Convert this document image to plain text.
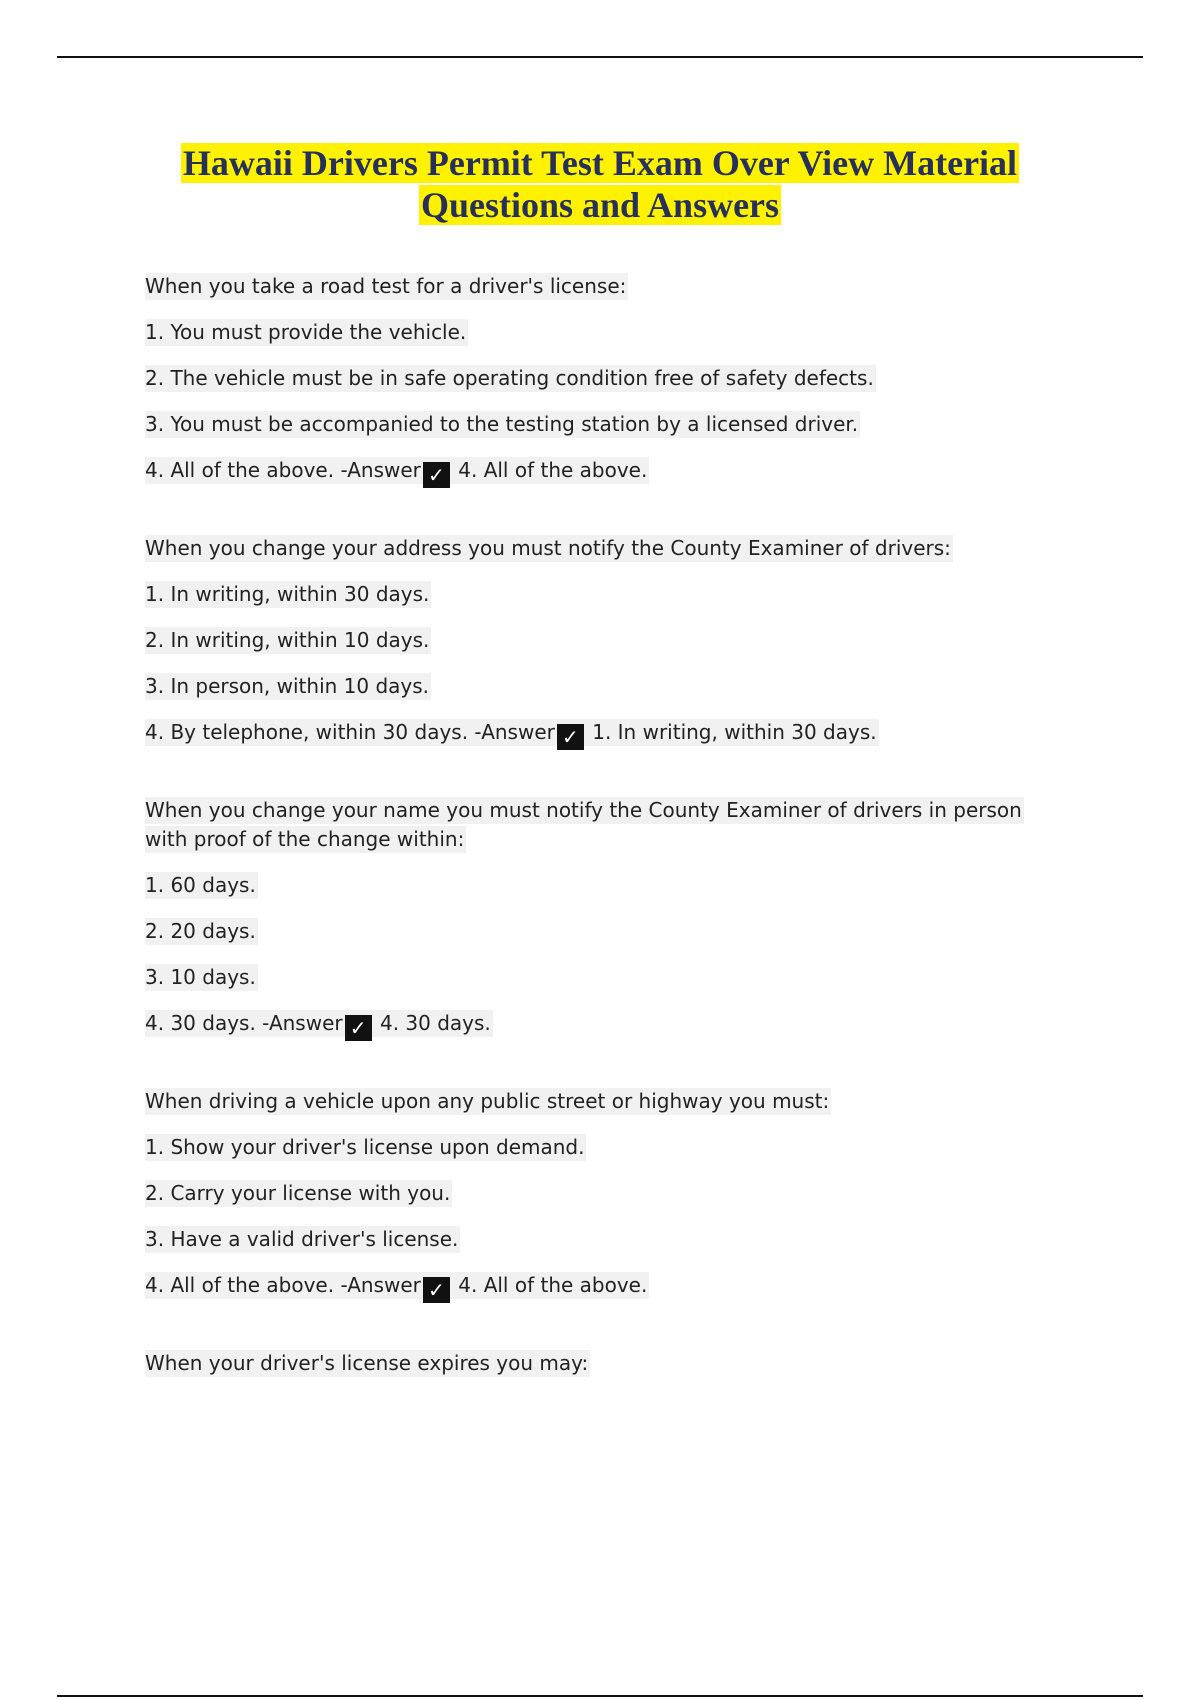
Hawaii Drivers Permit Test Exam Over View Material
Questions and Answers

When you take a road test for a driver's license:

1. You must provide the vehicle.

2. The vehicle must be in safe operating condition free of safety defects.

3. You must be accompanied to the testing station by a licensed driver.

4. All of the above. -Answer ✓ 4. All of the above.

When you change your address you must notify the County Examiner of drivers:

1. In writing, within 30 days.

2. In writing, within 10 days.

3. In person, within 10 days.

4. By telephone, within 30 days. -Answer ✓ 1. In writing, within 30 days.

When you change your name you must notify the County Examiner of drivers in person with proof of the change within:

1. 60 days.

2. 20 days.

3. 10 days.

4. 30 days. -Answer ✓ 4. 30 days.

When driving a vehicle upon any public street or highway you must:

1. Show your driver's license upon demand.

2. Carry your license with you.

3. Have a valid driver's license.

4. All of the above. -Answer ✓ 4. All of the above.

When your driver's license expires you may:
